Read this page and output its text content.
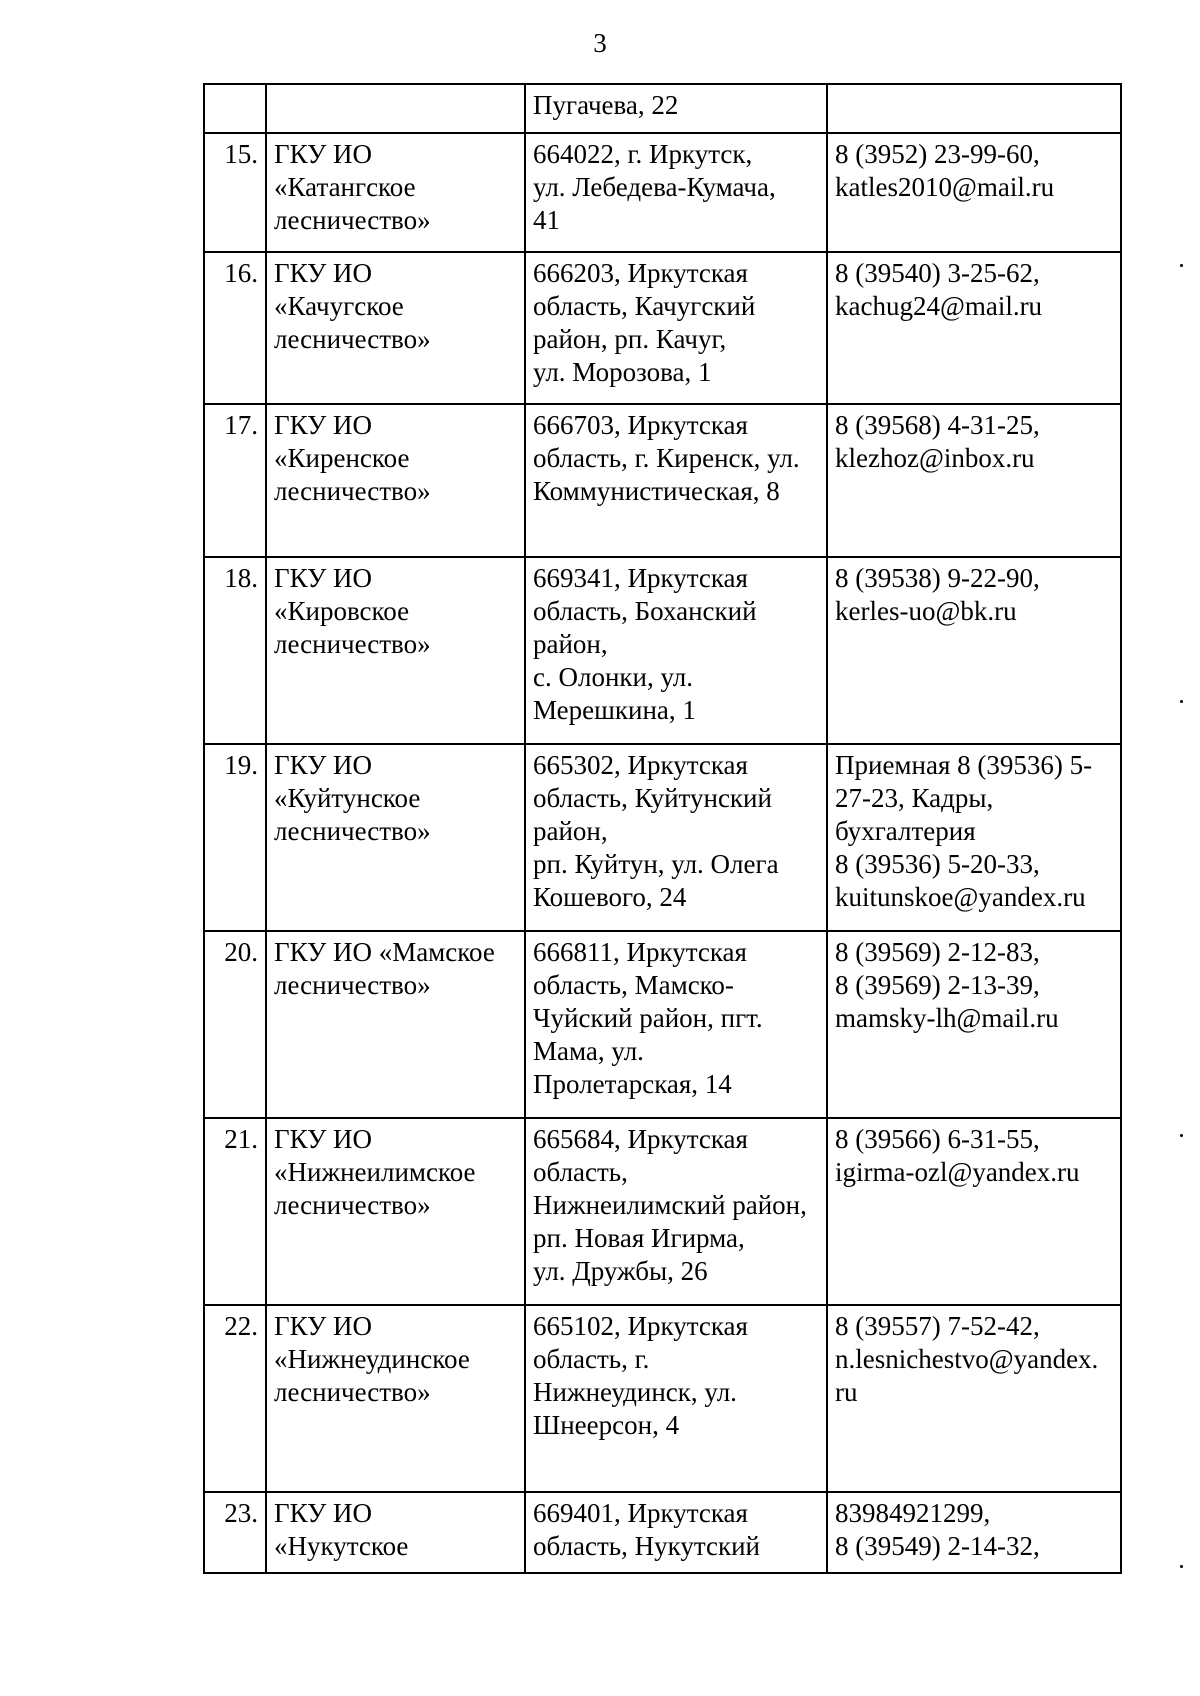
3

		Пугачева, 22	

15.	ГКУ ИО
«Катангское
лесничество»	664022, г. Иркутск,
ул. Лебедева-Кумача,
41	8 (3952) 23-99-60,
katles2010@mail.ru

16.	ГКУ ИО
«Качугское
лесничество»	666203, Иркутская
область, Качугский
район, рп. Качуг,
ул. Морозова, 1	8 (39540) 3-25-62,
kachug24@mail.ru

17.	ГКУ ИО
«Киренское
лесничество»	666703, Иркутская
область, г. Киренск, ул.
Коммунистическая, 8	8 (39568) 4-31-25,
klezhoz@inbox.ru

18.	ГКУ ИО
«Кировское
лесничество»	669341, Иркутская
область, Боханский
район,
с. Олонки, ул.
Мерешкина, 1	8 (39538) 9-22-90,
kerles-uo@bk.ru

19.	ГКУ ИО
«Куйтунское
лесничество»	665302, Иркутская
область, Куйтунский
район,
рп. Куйтун, ул. Олега
Кошевого, 24	Приемная 8 (39536) 5-
27-23, Кадры,
бухгалтерия
8 (39536) 5-20-33,
kuitunskoe@yandex.ru

20.	ГКУ ИО «Мамское
лесничество»	666811, Иркутская
область, Мамско-
Чуйский район, пгт.
Мама, ул.
Пролетарская, 14	8 (39569) 2-12-83,
8 (39569) 2-13-39,
mamsky-lh@mail.ru

21.	ГКУ ИО
«Нижнеилимское
лесничество»	665684, Иркутская
область,
Нижнеилимский район,
рп. Новая Игирма,
ул. Дружбы, 26	8 (39566) 6-31-55,
igirma-ozl@yandex.ru

22.	ГКУ ИО
«Нижнеудинское
лесничество»	665102, Иркутская
область, г.
Нижнеудинск, ул.
Шнеерсон, 4	8 (39557) 7-52-42,
n.lesnichestvo@yandex.
ru

23.	ГКУ ИО
«Нукутское	669401, Иркутская
область, Нукутский	83984921299,
8 (39549) 2-14-32,
